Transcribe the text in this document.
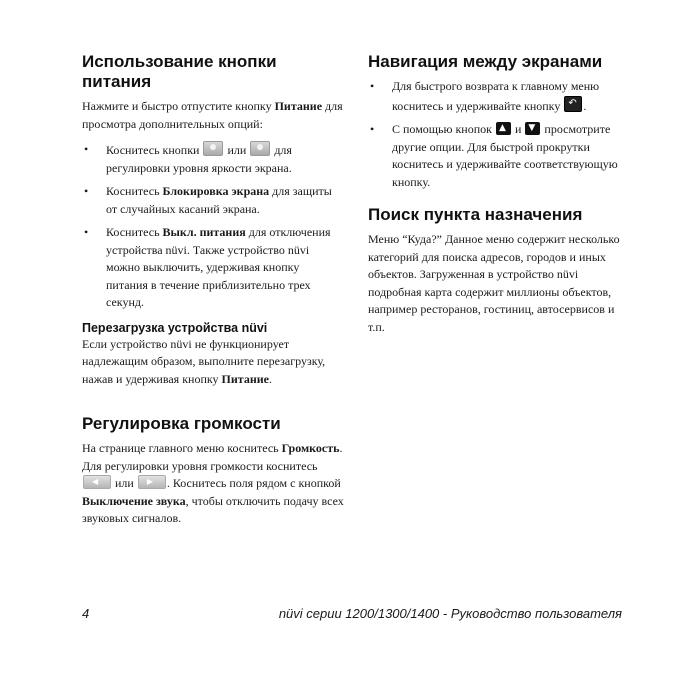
Использование кнопки питания

Нажмите и быстро отпустите кнопку Питание для просмотра дополнительных опций:

• Коснитесь кнопки
или
для регулировки уровня яркости экрана.
• Коснитесь Блокировка экрана для защиты от случайных касаний экрана.
• Коснитесь Выкл. питания для отключения устройства nüvi. Также устройство nüvi можно выключить, удерживая кнопку питания в течение приблизительно трех секунд.
Перезагрузка устройства nüvi

Если устройство nüvi не функционирует надлежащим образом, выполните перезагрузку, нажав и удерживая кнопку Питание.

Регулировка громкости

На странице главного меню коснитесь Громкость. Для регулировки уровня громкости коснитесь
◀ или ▶ . Коснитесь поля рядом с кнопкой Выключение звука, чтобы отключить подачу всех звуковых сигналов.

Навигация между экранами
• Для быстрого возврата к главному меню коснитесь и удерживайте кнопку ↶ .
• С помощью кнопок ▲ и ▼ просмотрите другие опции. Для быстрой прокрутки коснитесь и удерживайте соответствующую кнопку.
Поиск пункта назначения

Меню “Куда?” Данное меню содержит несколько категорий для поиска адресов, городов и иных объектов. Загруженная в устройство nüvi подробная карта содержит миллионы объектов, например ресторанов, гостиниц, автосервисов и т.п.

4	nüvi серии 1200/1300/1400 - Руководство пользователя
